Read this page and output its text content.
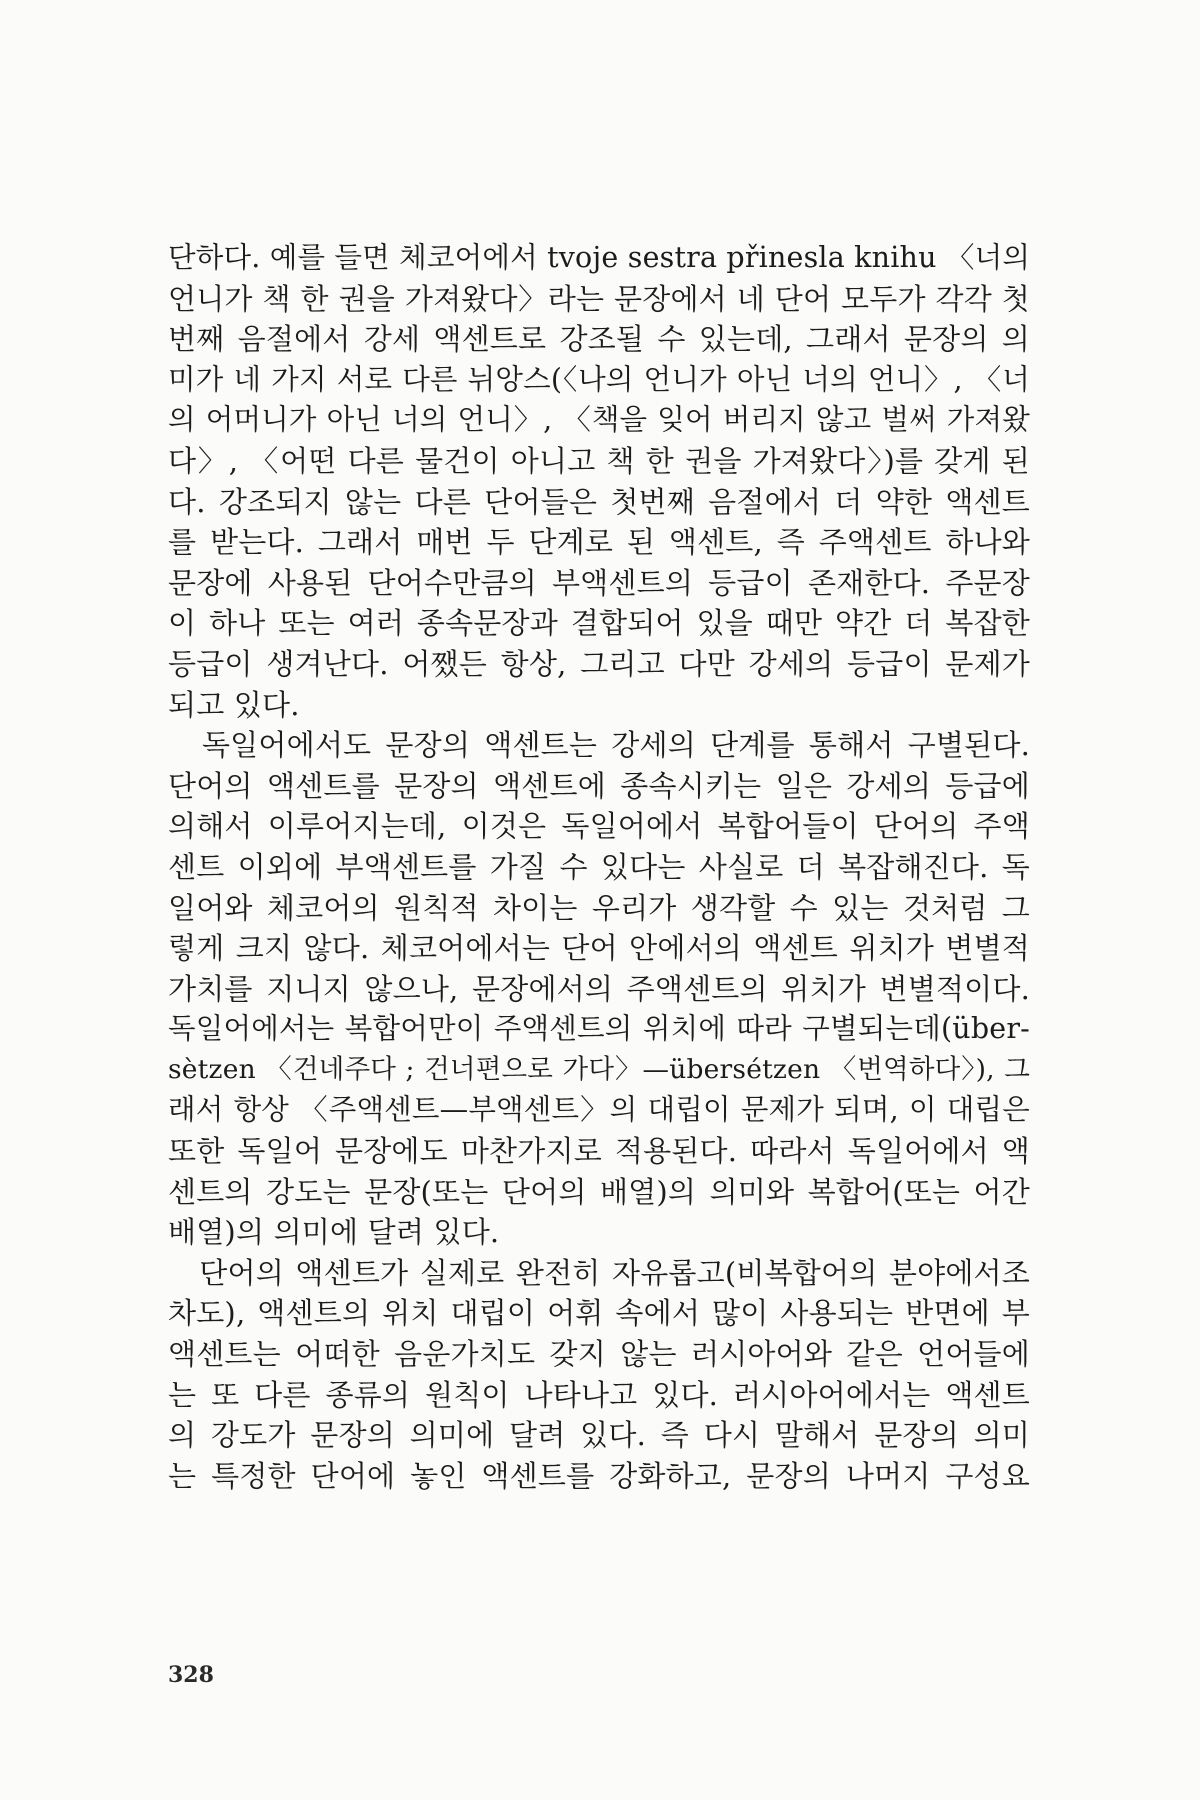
단하다. 예를 들면 체코어에서 tvoje sestra přinesla knihu 〈너의
언니가 책 한 권을 가져왔다〉라는 문장에서 네 단어 모두가 각각 첫
번째 음절에서 강세 액센트로 강조될 수 있는데, 그래서 문장의 의
미가 네 가지 서로 다른 뉘앙스(〈나의 언니가 아닌 너의 언니〉, 〈너
의 어머니가 아닌 너의 언니〉, 〈책을 잊어 버리지 않고 벌써 가져왔
다〉, 〈어떤 다른 물건이 아니고 책 한 권을 가져왔다〉)를 갖게 된
다. 강조되지 않는 다른 단어들은 첫번째 음절에서 더 약한 액센트
를 받는다. 그래서 매번 두 단계로 된 액센트, 즉 주액센트 하나와
문장에 사용된 단어수만큼의 부액센트의 등급이 존재한다. 주문장
이 하나 또는 여러 종속문장과 결합되어 있을 때만 약간 더 복잡한
등급이 생겨난다. 어쨌든 항상, 그리고 다만 강세의 등급이 문제가
되고 있다.
　독일어에서도 문장의 액센트는 강세의 단계를 통해서 구별된다.
단어의 액센트를 문장의 액센트에 종속시키는 일은 강세의 등급에
의해서 이루어지는데, 이것은 독일어에서 복합어들이 단어의 주액
센트 이외에 부액센트를 가질 수 있다는 사실로 더 복잡해진다. 독
일어와 체코어의 원칙적 차이는 우리가 생각할 수 있는 것처럼 그
렇게 크지 않다. 체코어에서는 단어 안에서의 액센트 위치가 변별적
가치를 지니지 않으나, 문장에서의 주액센트의 위치가 변별적이다.
독일어에서는 복합어만이 주액센트의 위치에 따라 구별되는데(über-
sètzen 〈건네주다 ; 건너편으로 가다〉—übersétzen 〈번역하다〉), 그
래서 항상 〈주액센트—부액센트〉의 대립이 문제가 되며, 이 대립은
또한 독일어 문장에도 마찬가지로 적용된다. 따라서 독일어에서 액
센트의 강도는 문장(또는 단어의 배열)의 의미와 복합어(또는 어간
배열)의 의미에 달려 있다.
　단어의 액센트가 실제로 완전히 자유롭고(비복합어의 분야에서조
차도), 액센트의 위치 대립이 어휘 속에서 많이 사용되는 반면에 부
액센트는 어떠한 음운가치도 갖지 않는 러시아어와 같은 언어들에
는 또 다른 종류의 원칙이 나타나고 있다. 러시아어에서는 액센트
의 강도가 문장의 의미에 달려 있다. 즉 다시 말해서 문장의 의미
는 특정한 단어에 놓인 액센트를 강화하고, 문장의 나머지 구성요
328
